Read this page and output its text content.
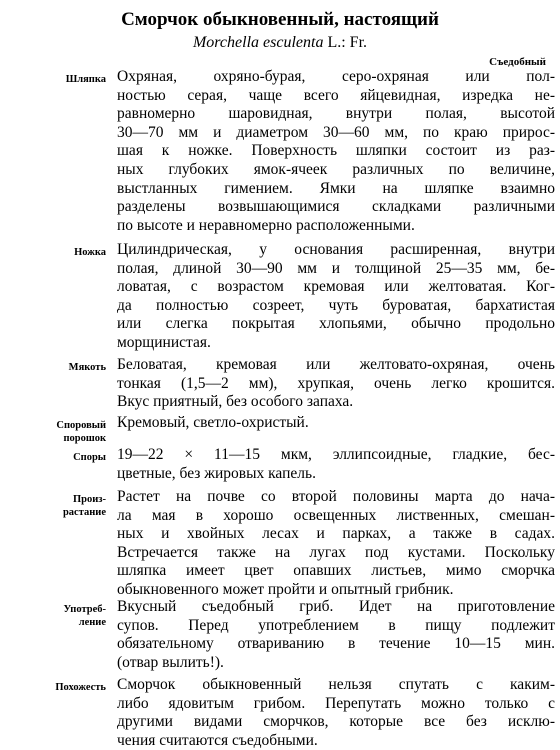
Сморчок обыкновенный, настоящий
Morchella esculenta L.: Fr.
Съедобный
Шляпка Охряная, охряно-бурая, серо-охряная или пол-
ностью серая, чаще всего яйцевидная, изредка не-
равномерно шаровидная, внутри полая, высотой
30—70 мм и диаметром 30—60 мм, по краю прирос-
шая к ножке. Поверхность шляпки состоит из раз-
ных глубоких ямок-ячеек различных по величине,
выстланных гимением. Ямки на шляпке взаимно
разделены возвышающимися складками различными
по высоте и неравномерно расположенными.
Ножка Цилиндрическая, у основания расширенная, внутри
полая, длиной 30—90 мм и толщиной 25—35 мм, бе-
ловатая, с возрастом кремовая или желтоватая. Ког-
да полностью созреет, чуть буроватая, бархатистая
или слегка покрытая хлопьями, обычно продольно
морщинистая.
Мякоть Беловатая, кремовая или желтовато-охряная, очень
тонкая (1,5—2 мм), хрупкая, очень легко крошится.
Вкус приятный, без особого запаха.
Споровый
порошок
Кремовый, светло-охристый.
Споры 19—22 × 11—15 мкм, эллипсоидные, гладкие, бес-
цветные, без жировых капель.
Произ-
растание
Растет на почве со второй половины марта до нача-
ла мая в хорошо освещенных лиственных, смешан-
ных и хвойных лесах и парках, а также в садах.
Встречается также на лугах под кустами. Поскольку
шляпка имеет цвет опавших листьев, мимо сморчка
обыкновенного может пройти и опытный грибник.
Употреб-
ление
Вкусный съедобный гриб. Идет на приготовление
супов. Перед употреблением в пищу подлежит
обязательному отвариванию в течение 10—15 мин.
(отвар вылить!).
Похожесть Сморчок обыкновенный нельзя спутать с каким-
либо ядовитым грибом. Перепутать можно только с
другими видами сморчков, которые все без исклю-
чения считаются съедобными.
